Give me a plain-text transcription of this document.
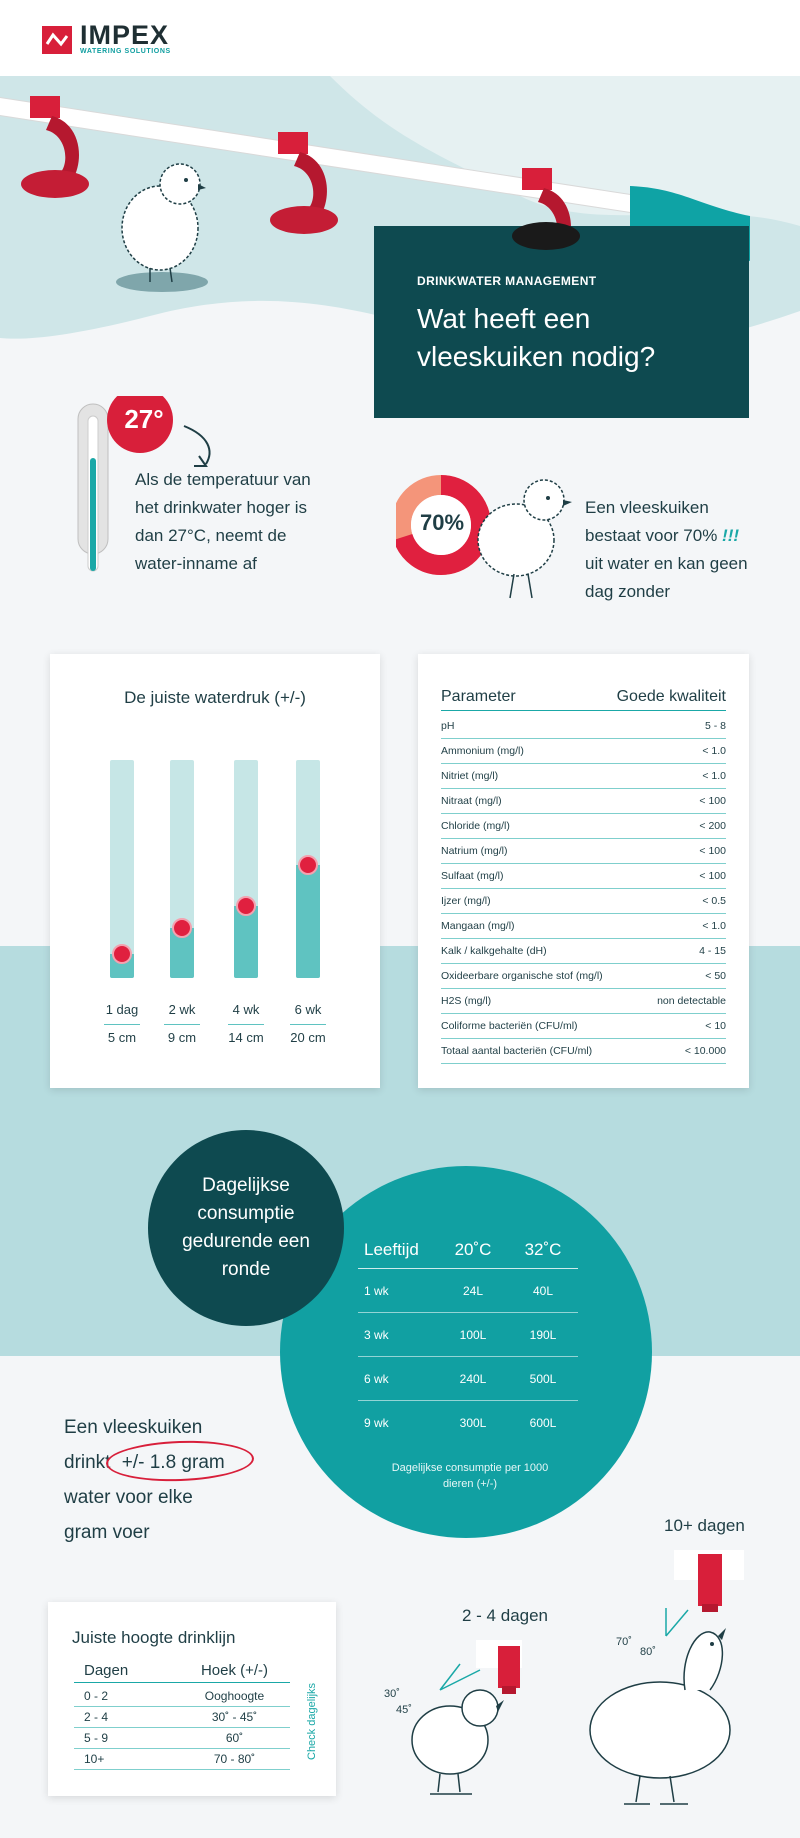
IMPEX
WATERING SOLUTIONS
DRINKWATER MANAGEMENT
Wat heeft een vleeskuiken nodig?
27°
Als de temperatuur van het drinkwater hoger is dan 27°C, neemt de water-inname af
70%
Een vleeskuiken bestaat voor 70% !!! uit water en kan geen dag zonder
De juiste waterdruk (+/-)
1 dag
5 cm
2 wk
9 cm
4 wk
14 cm
6 wk
20 cm
Parameter	Goede kwaliteit
pH	5 - 8
Ammonium (mg/l)	< 1.0
Nitriet (mg/l)	< 1.0
Nitraat (mg/l)	< 100
Chloride (mg/l)	< 200
Natrium (mg/l)	< 100
Sulfaat (mg/l)	< 100
Ijzer (mg/l)	< 0.5
Mangaan (mg/l)	< 1.0
Kalk / kalkgehalte (dH)	4 - 15
Oxideerbare organische stof (mg/l)	< 50
H2S (mg/l)	non detectable
Coliforme bacteriën (CFU/ml)	< 10
Totaal aantal bacteriën (CFU/ml)	< 10.000
Dagelijkse consumptie gedurende een ronde
Leeftijd	20˚C	32˚C
1 wk	24L	40L
3 wk	100L	190L
6 wk	240L	500L
9 wk	300L	600L
Dagelijkse consumptie per 1000 dieren (+/-)
Een vleeskuiken
drinkt +/- 1.8 gram
water voor elke
gram voer
Juiste hoogte drinklijn
Dagen	Hoek (+/-)
0 - 2	Ooghoogte
2 - 4	30˚ - 45˚
5 - 9	60˚
10+	70 - 80˚	Check dagelijks
2 - 4 dagen
10+ dagen
30˚
45˚
70˚
80˚
